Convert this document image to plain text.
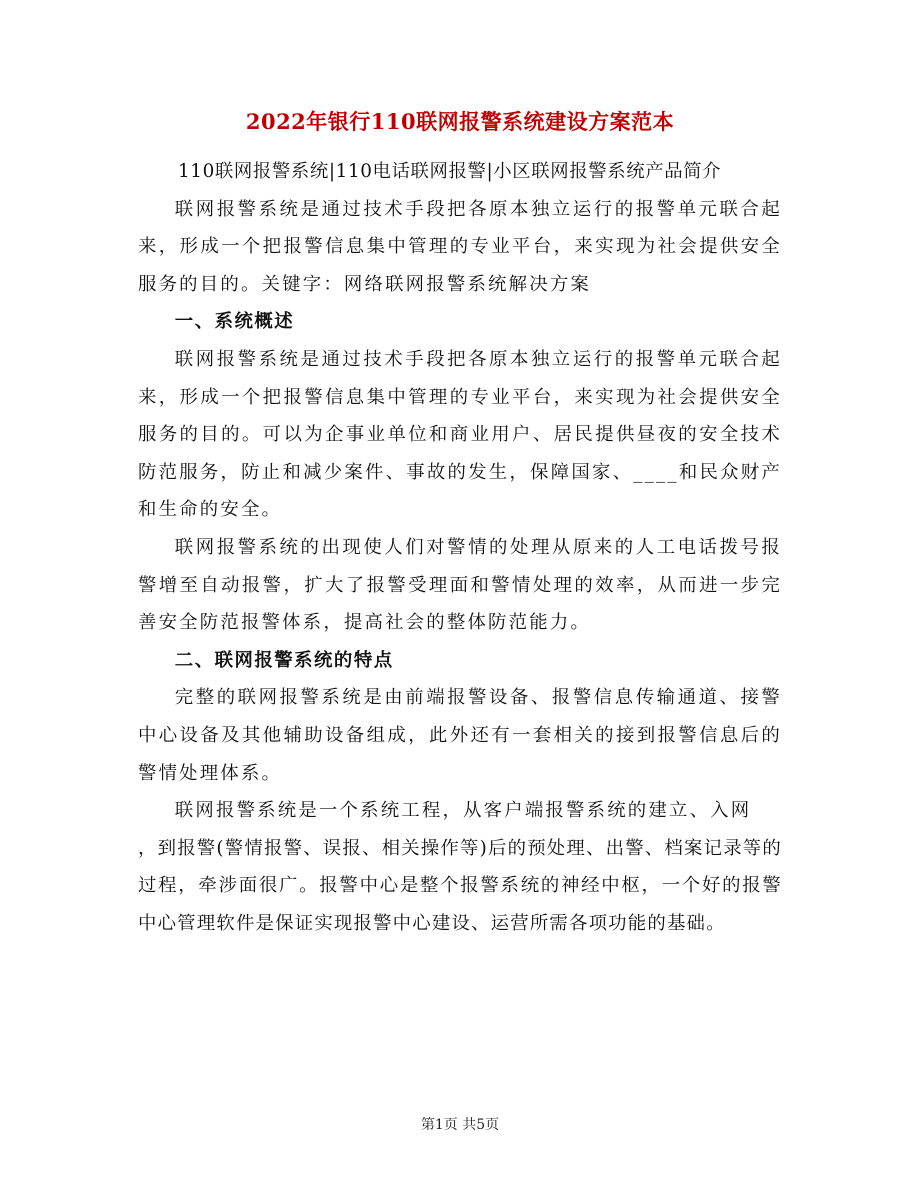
2022年银行110联网报警系统建设方案范本

110联网报警系统|110电话联网报警|小区联网报警系统产品简介

联网报警系统是通过技术手段把各原本独立运行的报警单元联合起来，形成一个把报警信息集中管理的专业平台，来实现为社会提供安全服务的目的。关键字：网络联网报警系统解决方案

一、系统概述

联网报警系统是通过技术手段把各原本独立运行的报警单元联合起来，形成一个把报警信息集中管理的专业平台，来实现为社会提供安全服务的目的。可以为企事业单位和商业用户、居民提供昼夜的安全技术防范服务，防止和减少案件、事故的发生，保障国家、____和民众财产和生命的安全。

联网报警系统的出现使人们对警情的处理从原来的人工电话拨号报警增至自动报警，扩大了报警受理面和警情处理的效率，从而进一步完善安全防范报警体系，提高社会的整体防范能力。

二、联网报警系统的特点

完整的联网报警系统是由前端报警设备、报警信息传输通道、接警中心设备及其他辅助设备组成，此外还有一套相关的接到报警信息后的警情处理体系。

联网报警系统是一个系统工程，从客户端报警系统的建立、入网

，到报警(警情报警、误报、相关操作等)后的预处理、出警、档案记录等的过程，牵涉面很广。报警中心是整个报警系统的神经中枢，一个好的报警中心管理软件是保证实现报警中心建设、运营所需各项功能的基础。

第1页 共5页
